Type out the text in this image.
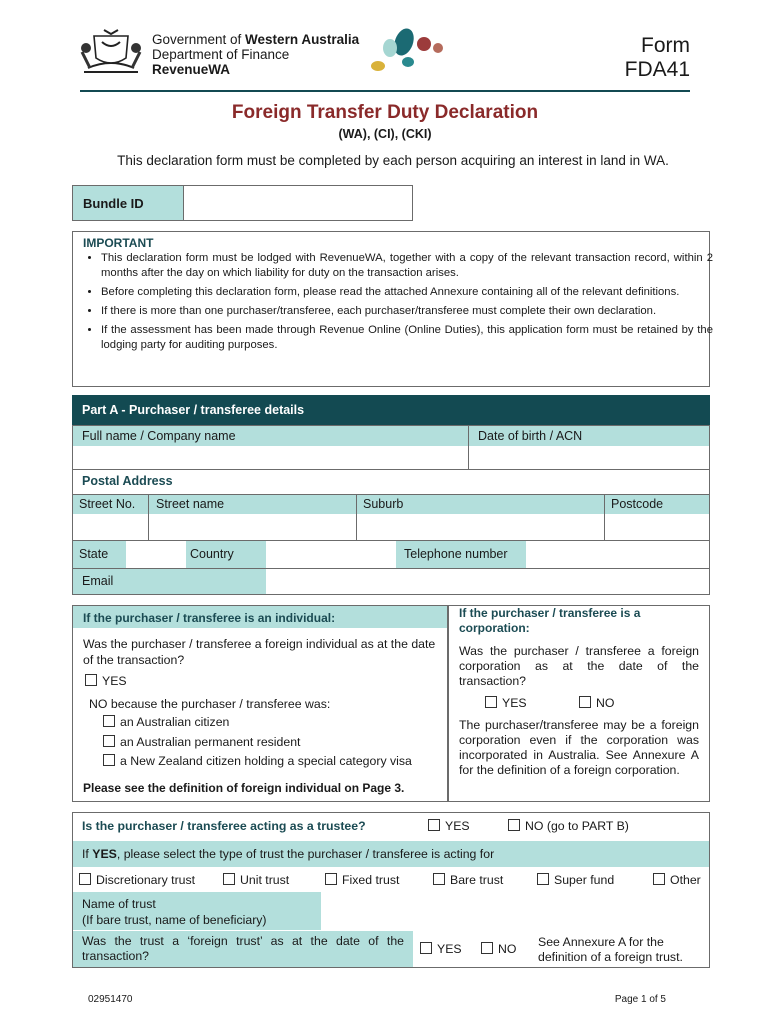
Government of Western Australia
Department of Finance
RevenueWA
Form
FDA41
Foreign Transfer Duty Declaration
(WA), (CI), (CKI)
This declaration form must be completed by each person acquiring an interest in land in WA.
Bundle ID
IMPORTANT
• This declaration form must be lodged with RevenueWA, together with a copy of the relevant transaction record, within 2 months after the day on which liability for duty on the transaction arises.
• Before completing this declaration form, please read the attached Annexure containing all of the relevant definitions.
• If there is more than one purchaser/transferee, each purchaser/transferee must complete their own declaration.
• If the assessment has been made through Revenue Online (Online Duties), this application form must be retained by the lodging party for auditing purposes.
Part A - Purchaser / transferee details
Full name / Company name	Date of birth / ACN
Postal Address
Street No. Street name	Suburb	Postcode
State	Country	Telephone number
Email
If the purchaser / transferee is an individual:
Was the purchaser / transferee a foreign individual as at the date of the transaction?
YES
NO because the purchaser / transferee was:
an Australian citizen
an Australian permanent resident
a New Zealand citizen holding a special category visa
Please see the definition of foreign individual on Page 3.
If the purchaser / transferee is a corporation:
Was the purchaser / transferee a foreign corporation as at the date of the transaction?
YES	NO
The purchaser/transferee may be a foreign corporation even if the corporation was incorporated in Australia. See Annexure A for the definition of a foreign corporation.
Is the purchaser / transferee acting as a trustee?	YES	NO (go to PART B)
If YES, please select the type of trust the purchaser / transferee is acting for
Discretionary trust	Unit trust	Fixed trust	Bare trust	Super fund	Other
Name of trust
(If bare trust, name of beneficiary)
Was the trust a ‘foreign trust’ as at the date of the transaction?	YES	NO See Annexure A for the definition of a foreign trust.
02951470	Page 1 of 5
